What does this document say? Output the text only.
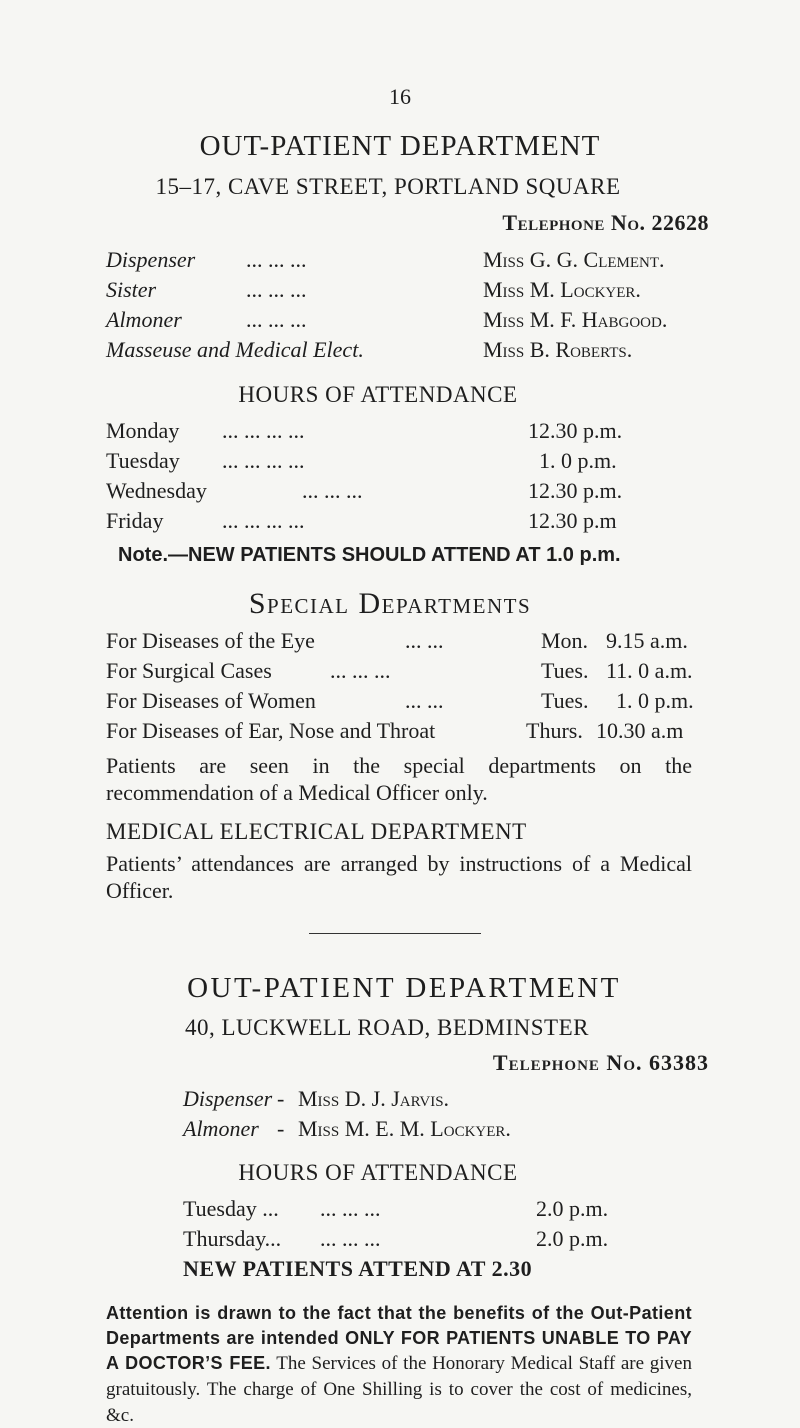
16
OUT-PATIENT DEPARTMENT
15–17, CAVE STREET, PORTLAND SQUARE
Telephone No. 22628
Dispenser ... ... ...	Miss G. G. Clement.
Sister	... ... ...	Miss M. Lockyer.
Almoner	... ... ...	Miss M. F. Habgood.
Masseuse and Medical Elect.	Miss B. Roberts.
HOURS OF ATTENDANCE
Monday ... ... ... ...	12.30 p.m.
Tuesday ... ... ... ...	1. 0 p.m.
Wednesday	... ... ...	12.30 p.m.
Friday	... ... ... ...	12.30 p.m
Note.—NEW PATIENTS SHOULD ATTEND AT 1.0 p.m.
Special Departments
For Diseases of the Eye	... ...	Mon. 9.15 a.m.
For Surgical Cases	... ... ...	Tues. 11. 0 a.m.
For Diseases of Women	... ...	Tues. 1. 0 p.m.
For Diseases of Ear, Nose and Throat	Thurs. 10.30 a.m
Patients are seen in the special departments on the recommendation of a Medical Officer only.
MEDICAL ELECTRICAL DEPARTMENT
Patients’ attendances are arranged by instructions of a Medical Officer.
OUT-PATIENT DEPARTMENT
40, LUCKWELL ROAD, BEDMINSTER
Telephone No. 63383
Dispenser - Miss D. J. Jarvis.
Almoner - Miss M. E. M. Lockyer.
HOURS OF ATTENDANCE
Tuesday ... ... ... ...	2.0 p.m.
Thursday... ... ... ...	2.0 p.m.
NEW PATIENTS ATTEND AT 2.30
Attention is drawn to the fact that the benefits of the Out-Patient Departments are intended ONLY FOR PATIENTS UNABLE TO PAY A DOCTOR’S FEE. The Services of the Honorary Medical Staff are given gratuitously. The charge of One Shilling is to cover the cost of medicines, &c.
